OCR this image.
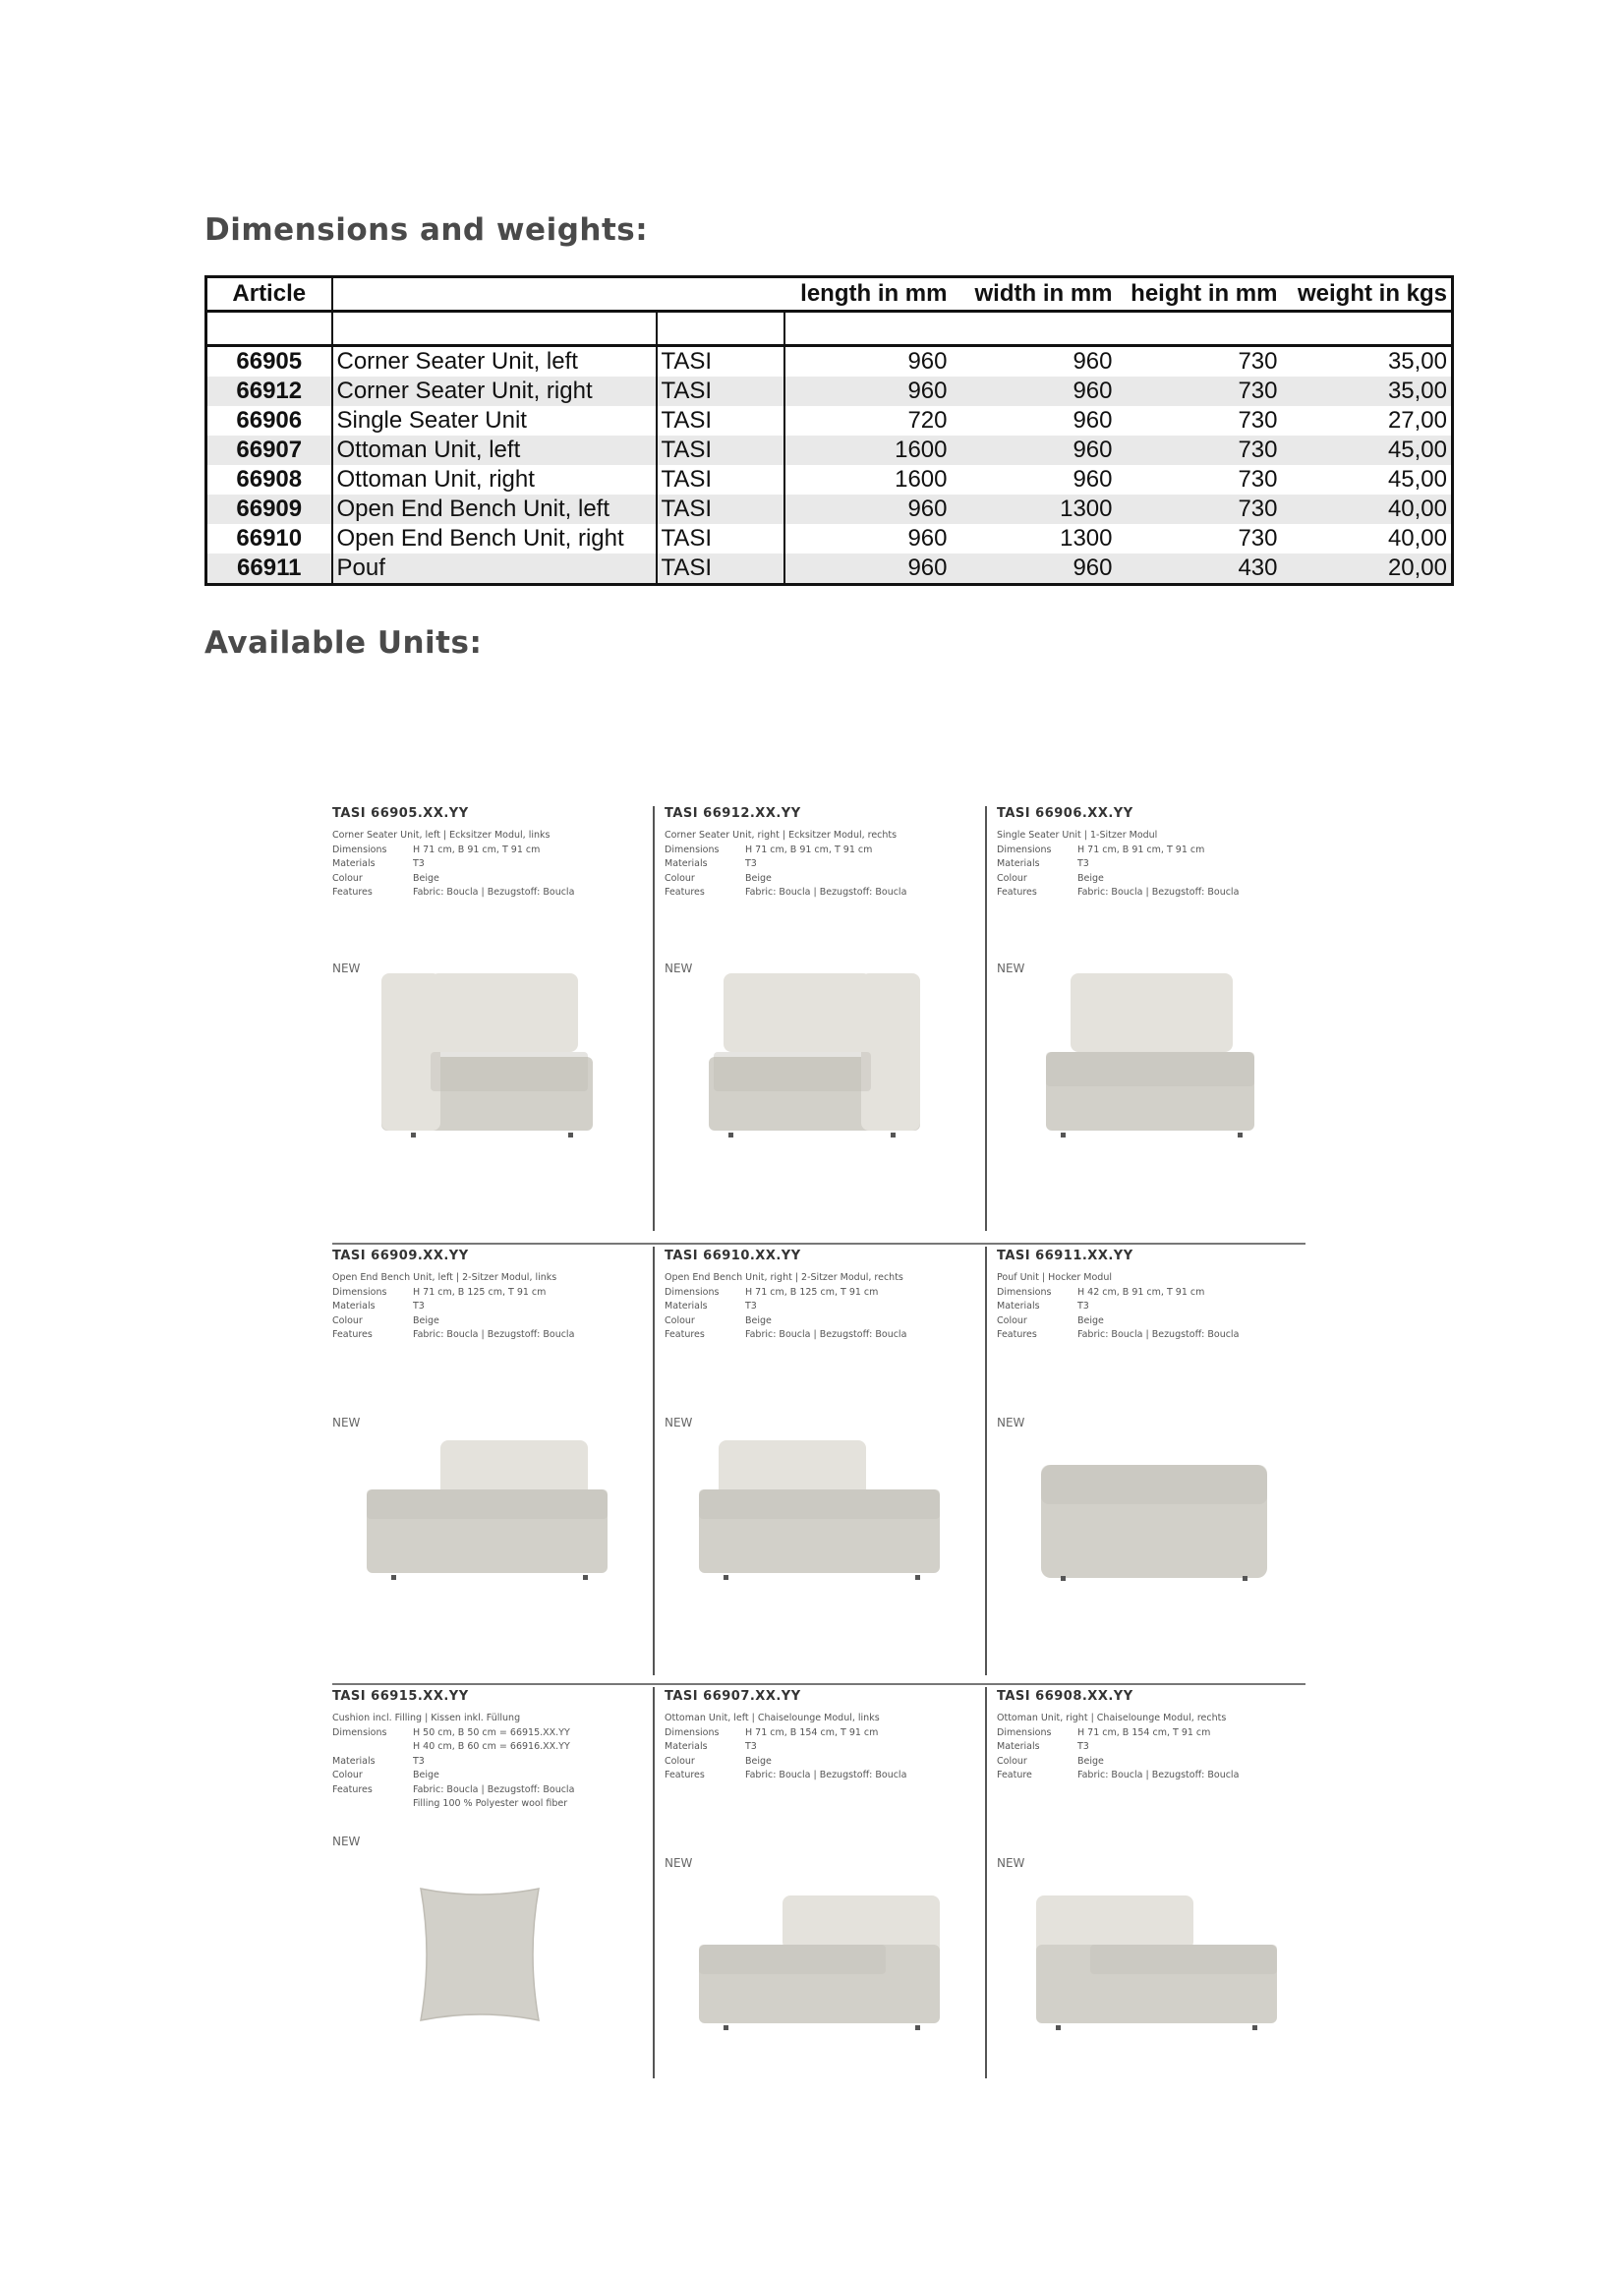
Dimensions and weights:
Article			length in mm	width in mm	height in mm	weight in kgs

66905	Corner Seater Unit, left	TASI	960	960	730	35,00
66912	Corner Seater Unit, right	TASI	960	960	730	35,00
66906	Single Seater Unit	TASI	720	960	730	27,00
66907	Ottoman Unit, left	TASI	1600	960	730	45,00
66908	Ottoman Unit, right	TASI	1600	960	730	45,00
66909	Open End Bench Unit, left	TASI	960	1300	730	40,00
66910	Open End Bench Unit, right	TASI	960	1300	730	40,00
66911	Pouf	TASI	960	960	430	20,00
Available Units:
TASI 66905.XX.YY
Corner Seater Unit, left | Ecksitzer Modul, links
Dimensions	H 71 cm, B 91 cm, T 91 cm
Materials	T3
Colour	Beige
Features	Fabric: Boucla | Bezugstoff: Boucla
NEW
TASI 66912.XX.YY
Corner Seater Unit, right | Ecksitzer Modul, rechts
Dimensions	H 71 cm, B 91 cm, T 91 cm
Materials	T3
Colour	Beige
Features	Fabric: Boucla | Bezugstoff: Boucla
NEW
TASI 66906.XX.YY
Single Seater Unit | 1-Sitzer Modul
Dimensions	H 71 cm, B 91 cm, T 91 cm
Materials	T3
Colour	Beige
Features	Fabric: Boucla | Bezugstoff: Boucla
NEW
TASI 66909.XX.YY
Open End Bench Unit, left | 2-Sitzer Modul, links
Dimensions	H 71 cm, B 125 cm, T 91 cm
Materials	T3
Colour	Beige
Features	Fabric: Boucla | Bezugstoff: Boucla
NEW
TASI 66910.XX.YY
Open End Bench Unit, right | 2-Sitzer Modul, rechts
Dimensions	H 71 cm, B 125 cm, T 91 cm
Materials	T3
Colour	Beige
Features	Fabric: Boucla | Bezugstoff: Boucla
NEW
TASI 66911.XX.YY
Pouf Unit | Hocker Modul
Dimensions	H 42 cm, B 91 cm, T 91 cm
Materials	T3
Colour	Beige
Features	Fabric: Boucla | Bezugstoff: Boucla
NEW
TASI 66915.XX.YY
Cushion incl. Filling | Kissen inkl. Füllung
Dimensions	H 50 cm, B 50 cm = 66915.XX.YY
H 40 cm, B 60 cm = 66916.XX.YY
Materials	T3
Colour	Beige
Features	Fabric: Boucla | Bezugstoff: Boucla
Filling 100 % Polyester wool fiber
NEW
TASI 66907.XX.YY
Ottoman Unit, left | Chaiselounge Modul, links
Dimensions	H 71 cm, B 154 cm, T 91 cm
Materials	T3
Colour	Beige
Features	Fabric: Boucla | Bezugstoff: Boucla
NEW
TASI 66908.XX.YY
Ottoman Unit, right | Chaiselounge Modul, rechts
Dimensions	H 71 cm, B 154 cm, T 91 cm
Materials	T3
Colour	Beige
Feature	Fabric: Boucla | Bezugstoff: Boucla
NEW
